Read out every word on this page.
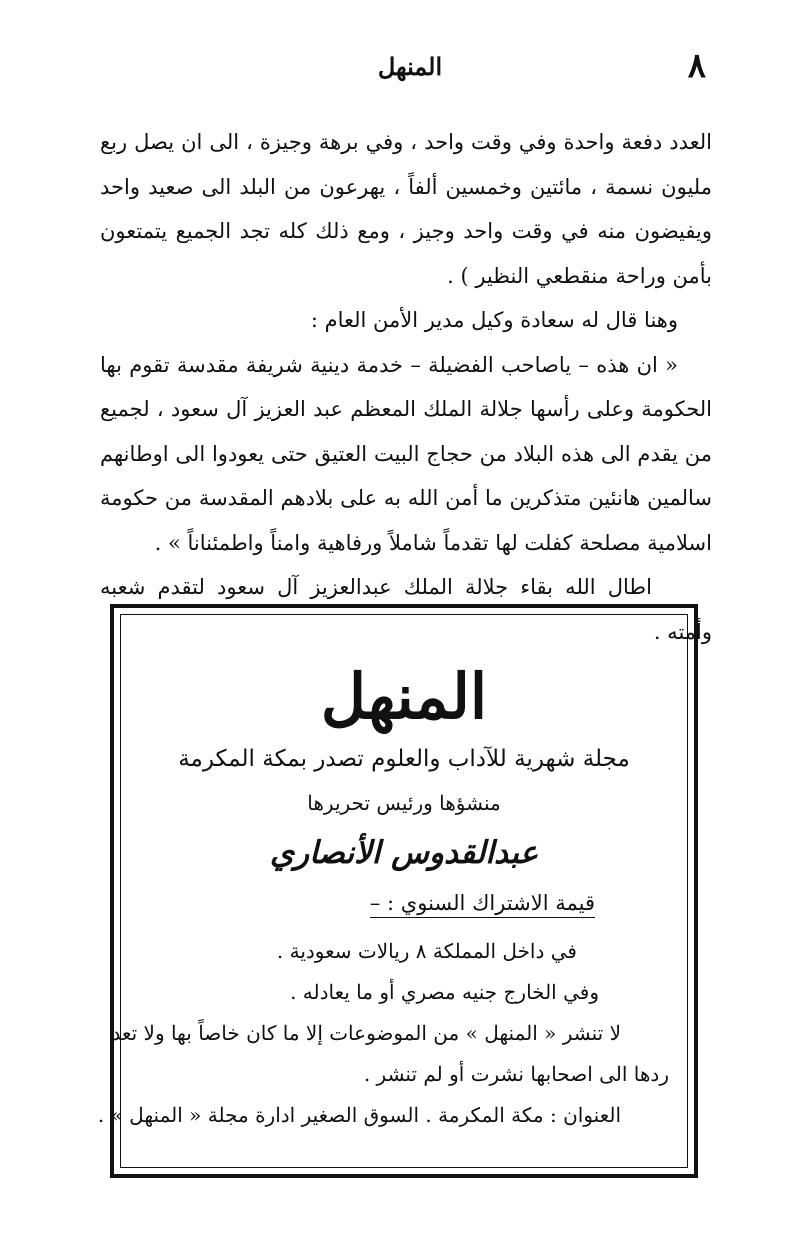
٨
المنهل

العدد دفعة واحدة وفي وقت واحد ، وفي برهة وجيزة ، الى ان يصل ربع مليون نسمة ، مائتين وخمسين ألفاً ، يهرعون من البلد الى صعيد واحد ويفيضون منه في وقت واحد وجيز ، ومع ذلك كله تجد الجميع يتمتعون بأمن وراحة منقطعي النظير ) .

وهنا قال له سعادة وكيل مدير الأمن العام :

« ان هذه – ياصاحب الفضيلة – خدمة دينية شريفة مقدسة تقوم بها الحكومة وعلى رأسها جلالة الملك المعظم عبد العزيز آل سعود ، لجميع من يقدم الى هذه البلاد من حجاج البيت العتيق حتى يعودوا الى اوطانهم سالمين هانئين متذكرين ما أمن الله به على بلادهم المقدسة من حكومة اسلامية مصلحة كفلت لها تقدماً شاملاً ورفاهية وامناً واطمئناناً » .

اطال الله بقاء جلالة الملك عبدالعزيز آل سعود لتقدم شعبه وأمته .

المنهل
مجلة شهرية للآداب والعلوم تصدر بمكة المكرمة
منشؤها ورئيس تحريرها
عبدالقدوس الأنصاري
قيمة الاشتراك السنوي : –
في داخل المملكة ٨ ريالات سعودية .
وفي الخارج جنيه مصري أو ما يعادله .
لا تنشر « المنهل » من الموضوعات إلا ما كان خاصاً بها ولا تعد
ردها الى اصحابها نشرت أو لم تنشر .
العنوان : مكة المكرمة . السوق الصغير ادارة مجلة « المنهل » .
